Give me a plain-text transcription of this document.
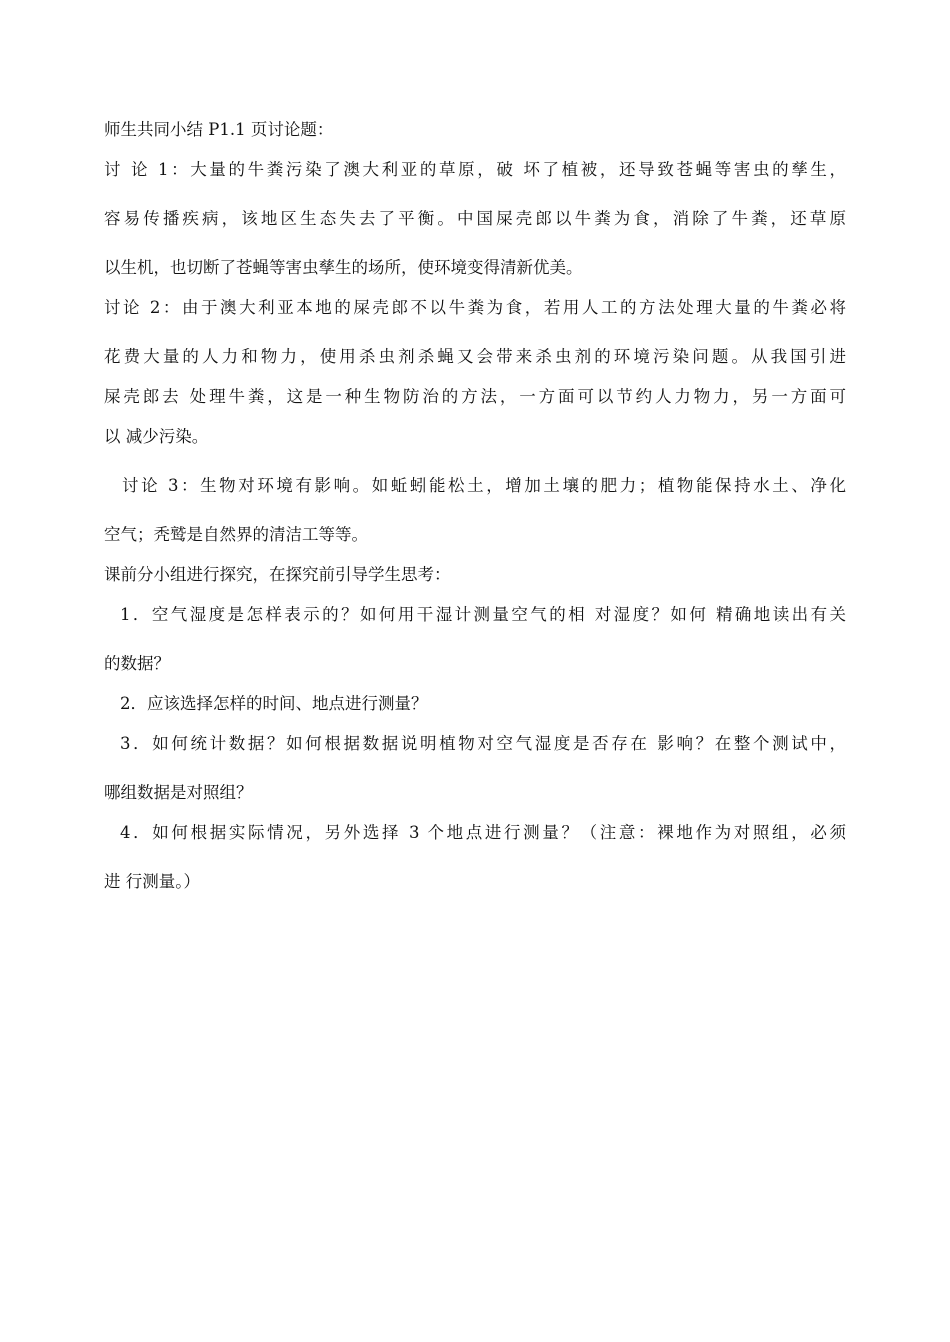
师生共同小结 P1.1 页讨论题：
讨 论 1：大量的牛粪污染了澳大利亚的草原，破 坏了植被，还导致苍蝇等害虫的孳生，
容易传播疾病，该地区生态失去了平衡。中国屎壳郎以牛粪为食，消除了牛粪，还草原
以生机，也切断了苍蝇等害虫孳生的场所，使环境变得清新优美。
讨论 2：由于澳大利亚本地的屎壳郎不以牛粪为食，若用人工的方法处理大量的牛粪必将
花费大量的人力和物力，使用杀虫剂杀蝇又会带来杀虫剂的环境污染问题。从我国引进
屎壳郎去 处理牛粪，这是一种生物防治的方法，一方面可以节约人力物力，另一方面可
以 减少污染。
讨论 3：生物对环境有影响。如蚯蚓能松土，增加土壤的肥力；植物能保持水土、净化
空气；秃鹫是自然界的清洁工等等。
课前分小组进行探究，在探究前引导学生思考：
1．空气湿度是怎样表示的？如何用干湿计测量空气的相 对湿度？如何 精确地读出有关
的数据？
2．应该选择怎样的时间、地点进行测量？
3．如何统计数据？如何根据数据说明植物对空气湿度是否存在 影响？在整个测试中，
哪组数据是对照组？
4．如何根据实际情况，另外选择 3 个地点进行测量？（注意：裸地作为对照组，必须
进 行测量。）
